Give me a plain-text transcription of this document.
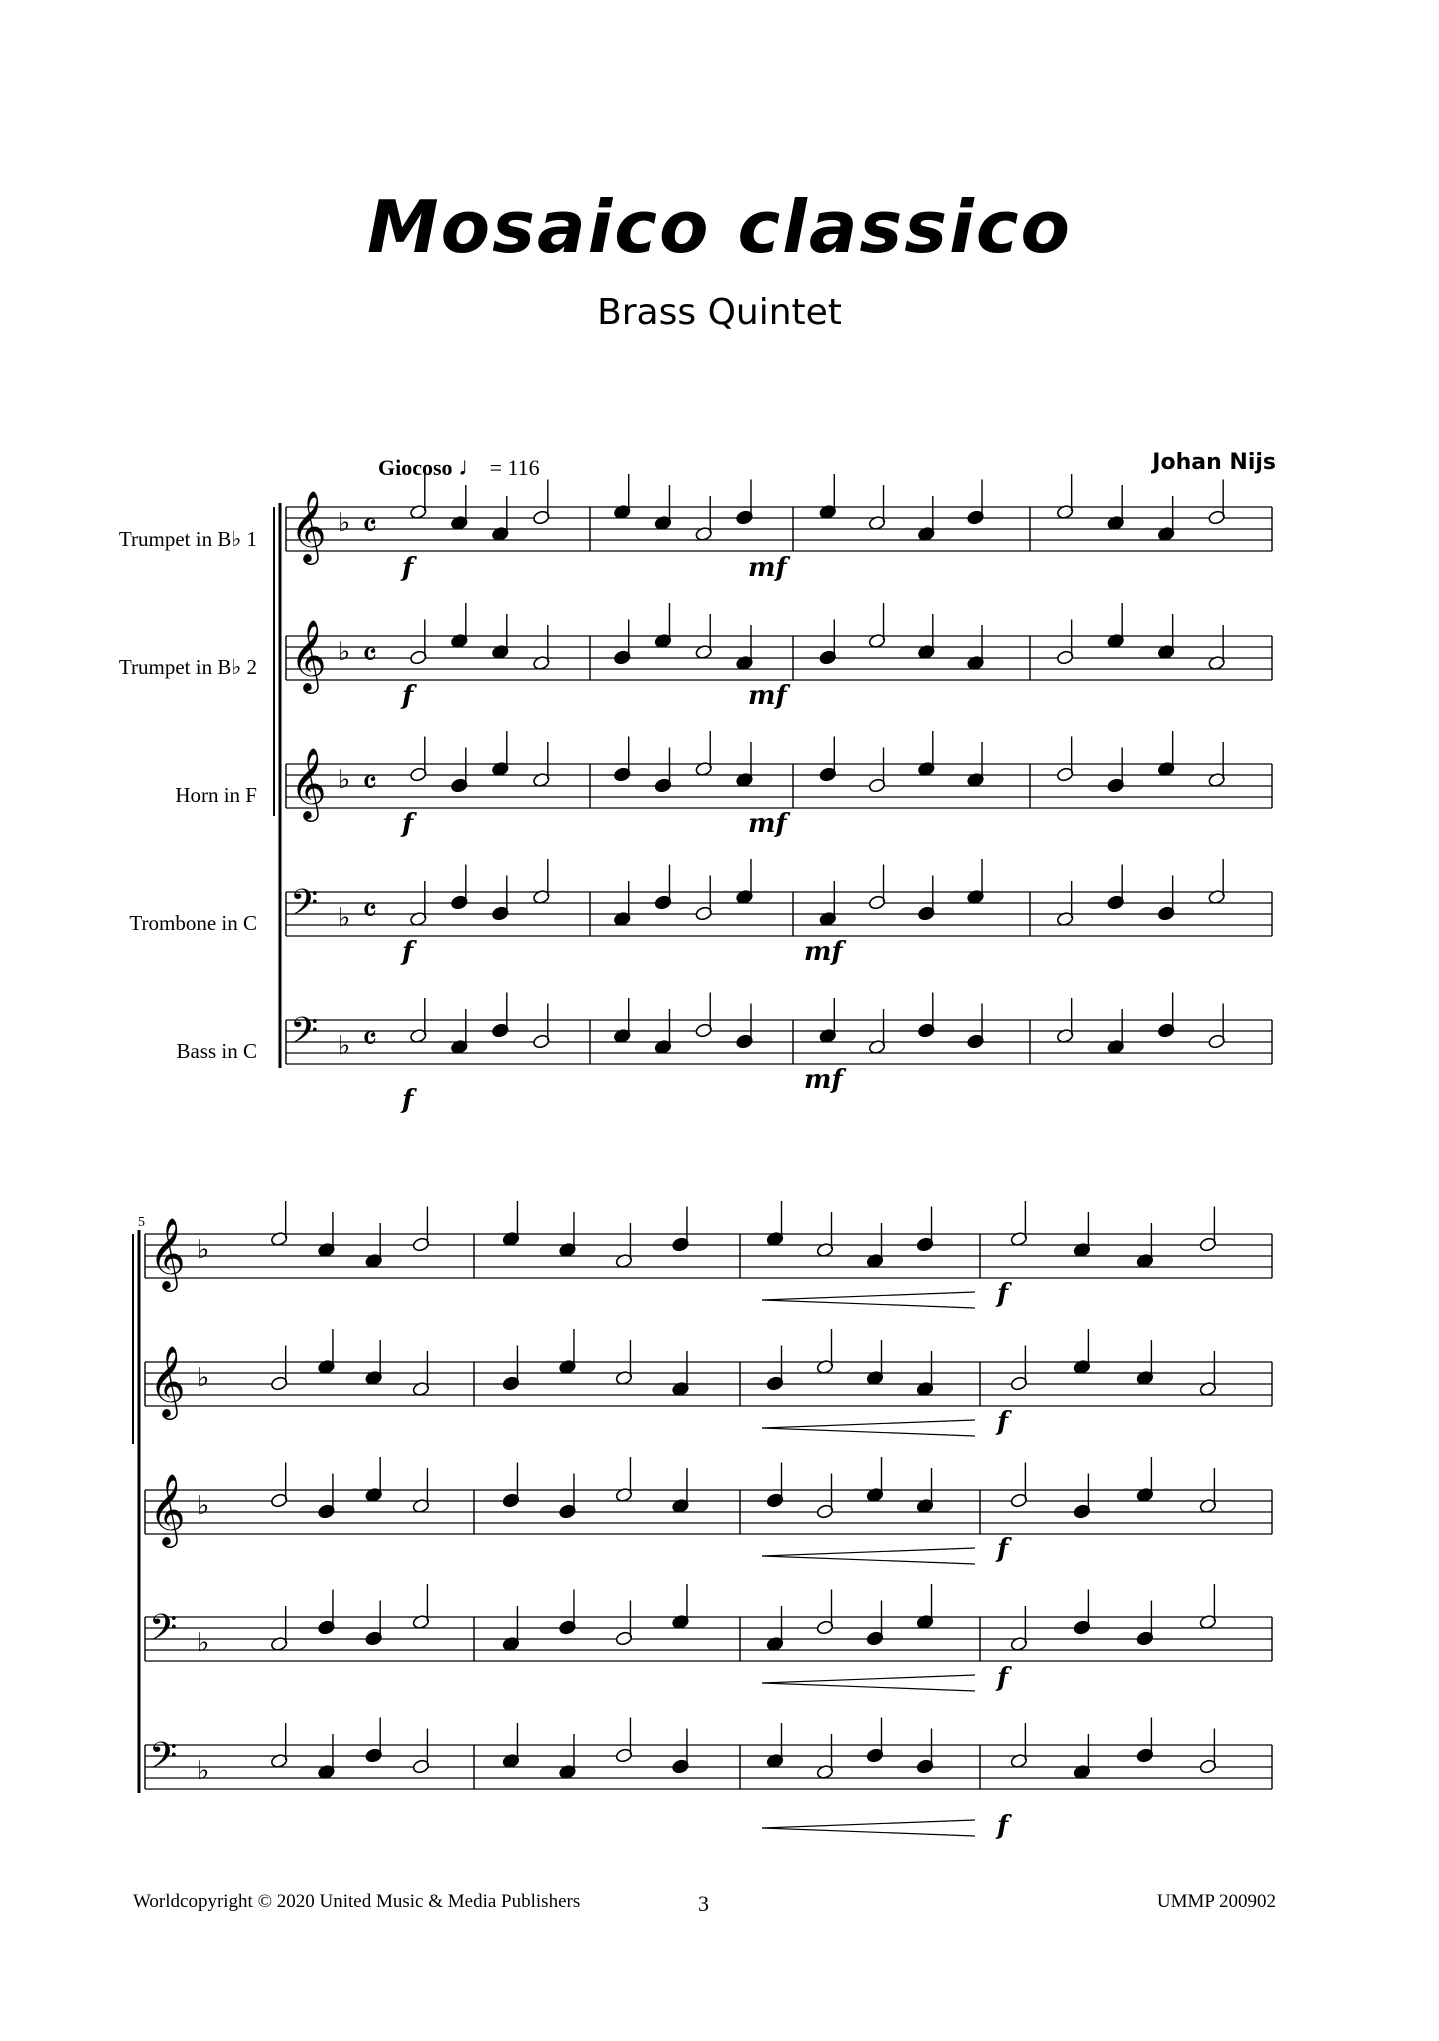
Mosaico classico
Brass Quintet
Giocoso ♩ = 116	Johan Nijs
Trumpet in B♭ 1
Trumpet in B♭ 2
Horn in F
Trombone in C
Bass in C
5
𝄞 ♭ 𝄴
𝄞 ♭ 𝄴
𝄞 ♭ 𝄴
𝄢 ♭ 𝄴
𝄢 ♭ 𝄴
𝄞 ♭
𝄞 ♭
𝄞 ♭
𝄢 ♭
𝄢 ♭
f
f
f
f
f
mf
mf
mf
mf
mf
f
f
f
f
f
Worldcopyright © 2020 United Music & Media Publishers	3	UMMP 200902
